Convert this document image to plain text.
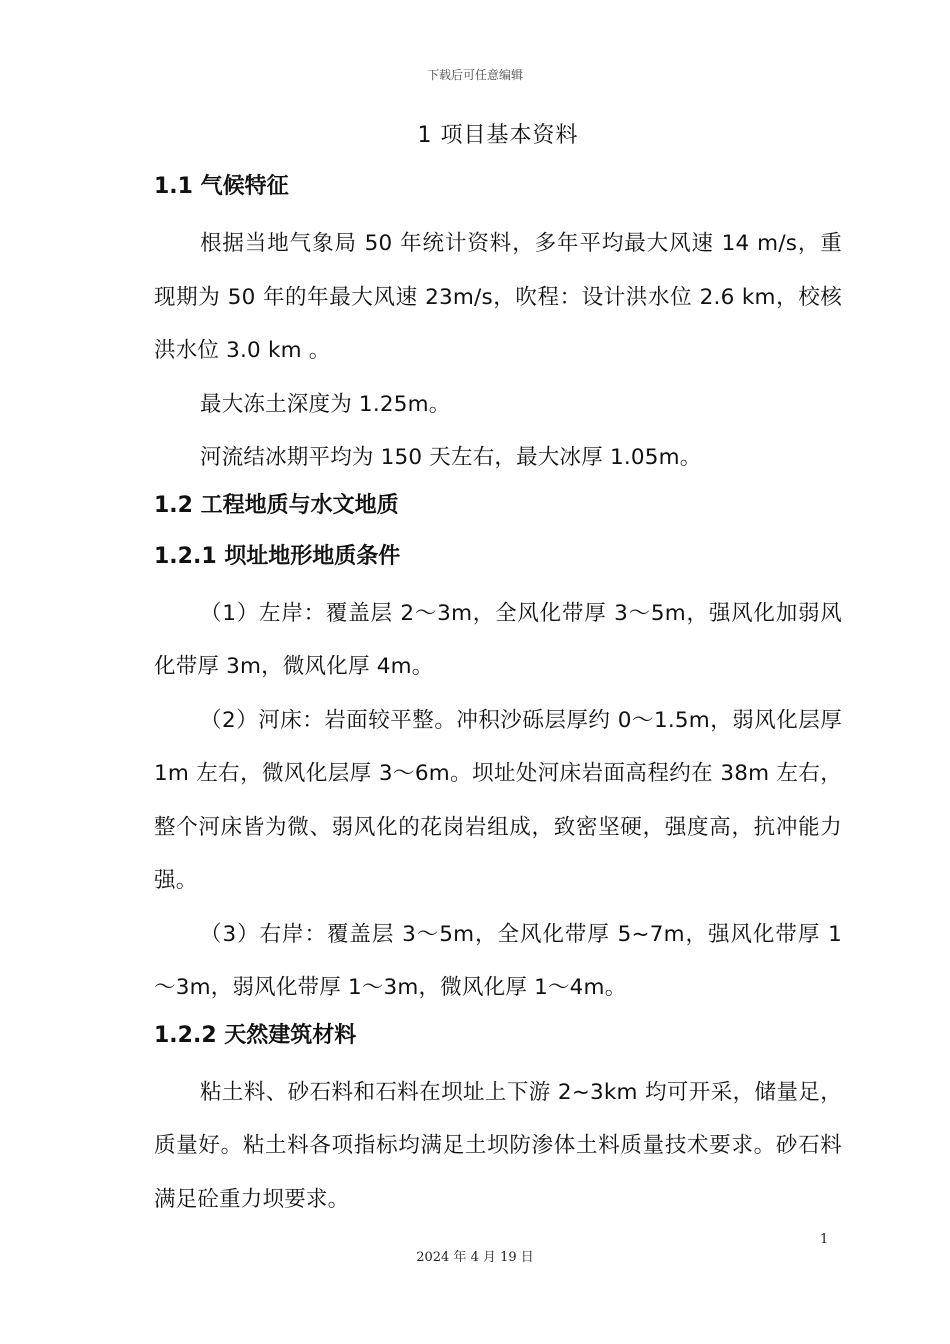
下载后可任意编辑
1 项目基本资料
1.1 气候特征

根据当地气象局 50 年统计资料，多年平均最大风速 14 m/s，重现期为 50 年的年最大风速 23m/s，吹程：设计洪水位 2.6 km，校核洪水位 3.0 km 。

最大冻土深度为 1.25m。

河流结冰期平均为 150 天左右，最大冰厚 1.05m。

1.2 工程地质与水文地质
1.2.1 坝址地形地质条件

（1）左岸：覆盖层 2～3m，全风化带厚 3～5m，强风化加弱风化带厚 3m，微风化厚 4m。

（2）河床：岩面较平整。冲积沙砾层厚约 0～1.5m，弱风化层厚 1m 左右，微风化层厚 3～6m。坝址处河床岩面高程约在 38m 左右，整个河床皆为微、弱风化的花岗岩组成，致密坚硬，强度高，抗冲能力强。

（3）右岸：覆盖层 3～5m，全风化带厚 5~7m，强风化带厚 1～3m，弱风化带厚 1～3m，微风化厚 1～4m。

1.2.2 天然建筑材料

粘土料、砂石料和石料在坝址上下游 2~3km 均可开采，储量足，质量好。粘土料各项指标均满足土坝防渗体土料质量技术要求。砂石料满足砼重力坝要求。

1
2024 年 4 月 19 日
